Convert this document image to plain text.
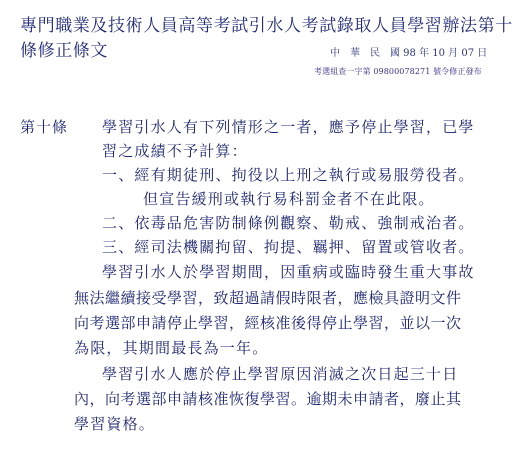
專門職業及技術人員高等考試引水人考試錄取人員學習辦法第十條修正條文	中　華　民　國 98 年 10 月 07 日
考選組查一字第 09800078271 號令修正發布
第十條 學習引水人有下列情形之一者，應予停止學習，已學
習之成績不予計算：
一、經有期徒刑、拘役以上刑之執行或易服勞役者。
但宣告緩刑或執行易科罰金者不在此限。
二、依毒品危害防制條例觀察、勒戒、強制戒治者。
三、經司法機關拘留、拘提、羈押、留置或管收者。
學習引水人於學習期間，因重病或臨時發生重大事故
無法繼續接受學習，致超過請假時限者，應檢具證明文件
向考選部申請停止學習，經核准後得停止學習，並以一次
為限，其期間最長為一年。
學習引水人應於停止學習原因消滅之次日起三十日
內，向考選部申請核准恢復學習。逾期未申請者，廢止其
學習資格。
